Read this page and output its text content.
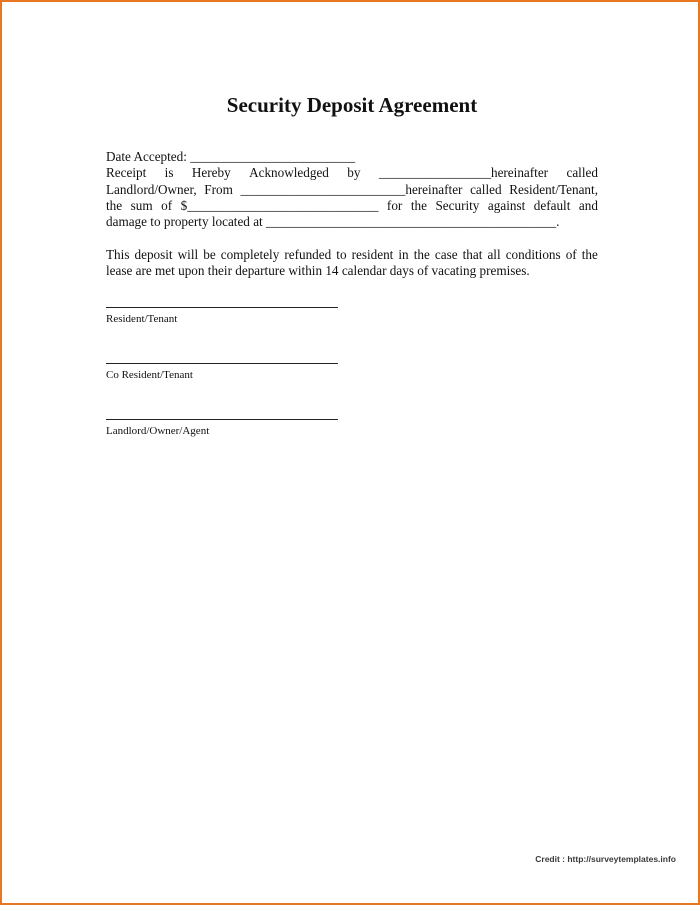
Security Deposit Agreement
Date Accepted: _________________________
Receipt is Hereby Acknowledged by _________________hereinafter called
Landlord/Owner, From _________________________hereinafter called Resident/Tenant,
the sum of $_____________________________ for the Security against default and
damage to property located at ____________________________________________.
This deposit will be completely refunded to resident in the case that all conditions of the
lease are met upon their departure within 14 calendar days of vacating premises.
Resident/Tenant
Co Resident/Tenant
Landlord/Owner/Agent
Credit : http://surveytemplates.info
